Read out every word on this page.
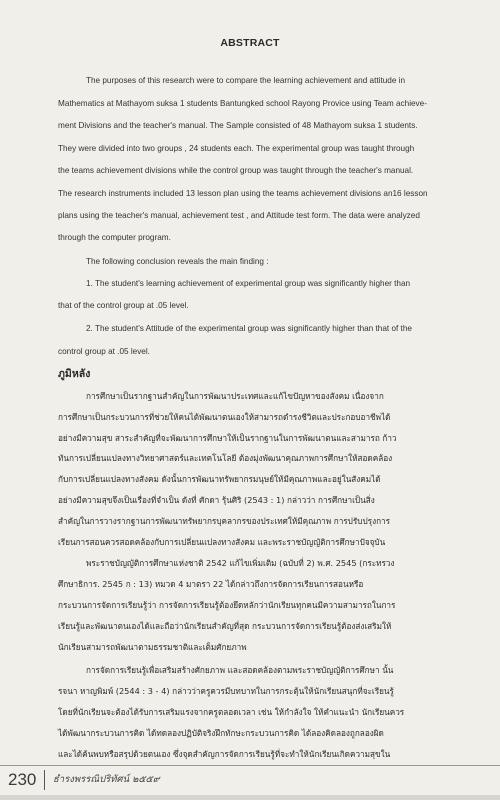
ABSTRACT
The purposes of this research were to compare the learning achievement and attitude in
Mathematics at Mathayom suksa 1 students Bantungked school Rayong Provice using Team achieve-
ment Divisions and the teacher's manual. The Sample consisted of 48 Mathayom suksa 1 students.
They were divided into two groups , 24 students each. The experimental group was taught through
the teams achievement divisions while the control group was taught through the teacher's manual.
The research instruments included 13 lesson plan using the teams achievement divisions an16 lesson
plans using the teacher's manual, achievement test , and Attitude test form. The data were analyzed
through the computer program.
The following conclusion reveals the main finding :
1. The student's learning achievement of experimental group was significantly higher than
that of the control group at .05 level.
2. The student's Attitude of the experimental group was significantly higher than that of the
control group at .05 level.
ภูมิหลัง
การศึกษาเป็นรากฐานสำคัญในการพัฒนาประเทศและแก้ไขปัญหาของสังคม เนื่องจาก
การศึกษาเป็นกระบวนการที่ช่วยให้คนได้พัฒนาตนเองให้สามารถดำรงชีวิตและประกอบอาชีพได้
อย่างมีความสุข สาระสำคัญที่จะพัฒนาการศึกษาให้เป็นรากฐานในการพัฒนาตนและสามารถ ก้าว
ทันการเปลี่ยนแปลงทางวิทยาศาสตร์และเทคโนโลยี ต้องมุ่งพัฒนาคุณภาพการศึกษาให้สอดคล้อง
กับการเปลี่ยนแปลงทางสังคม ดังนั้นการพัฒนาทรัพยากรมนุษย์ให้มีคุณภาพและอยู่ในสังคมได้
อย่างมีความสุขจึงเป็นเรื่องที่จำเป็น ดังที่ ศักดา รุ้นศิริ (2543 : 1) กล่าวว่า การศึกษาเป็นสิ่ง
สำคัญในการวางรากฐานการพัฒนาทรัพยากรบุคลากรของประเทศให้มีคุณภาพ การปรับปรุงการ
เรียนการสอนควรสอดคล้องกับการเปลี่ยนแปลงทางสังคม และพระราชบัญญัติการศึกษาปัจจุบัน
พระราชบัญญัติการศึกษาแห่งชาติ 2542 แก้ไขเพิ่มเติม (ฉบับที่ 2) พ.ศ. 2545 (กระทรวง
ศึกษาธิการ. 2545 ก : 13) หมวด 4 มาตรา 22 ได้กล่าวถึงการจัดการเรียนการสอนหรือ
กระบวนการจัดการเรียนรู้ว่า การจัดการเรียนรู้ต้องยึดหลักว่านักเรียนทุกคนมีความสามารถในการ
เรียนรู้และพัฒนาตนเองได้และถือว่านักเรียนสำคัญที่สุด กระบวนการจัดการเรียนรู้ต้องส่งเสริมให้
นักเรียนสามารถพัฒนาตามธรรมชาติและเต็มศักยภาพ
การจัดการเรียนรู้เพื่อเสริมสร้างศักยภาพ และสอดคล้องตามพระราชบัญญัติการศึกษา นั้น
รจนา หาญพิมพ์ (2544 : 3 - 4) กล่าวว่าครูควรมีบทบาทในการกระตุ้นให้นักเรียนสนุกที่จะเรียนรู้
โดยที่นักเรียนจะต้องได้รับการเสริมแรงจากครูตลอดเวลา เช่น ให้กำลังใจ ให้คำแนะนำ นักเรียนควร
ได้พัฒนากระบวนการคิด ได้ทดลองปฏิบัติจริงฝึกทักษะกระบวนการคิด ได้ลองคิดลองถูกลองผิด
และได้ค้นพบหรือสรุปด้วยตนเอง ซึ่งจุดสำคัญการจัดการเรียนรู้ที่จะทำให้นักเรียนเกิดความสุขใน
230 ธำรงพรรณิปริทัศน์ ๒๕๕๙
